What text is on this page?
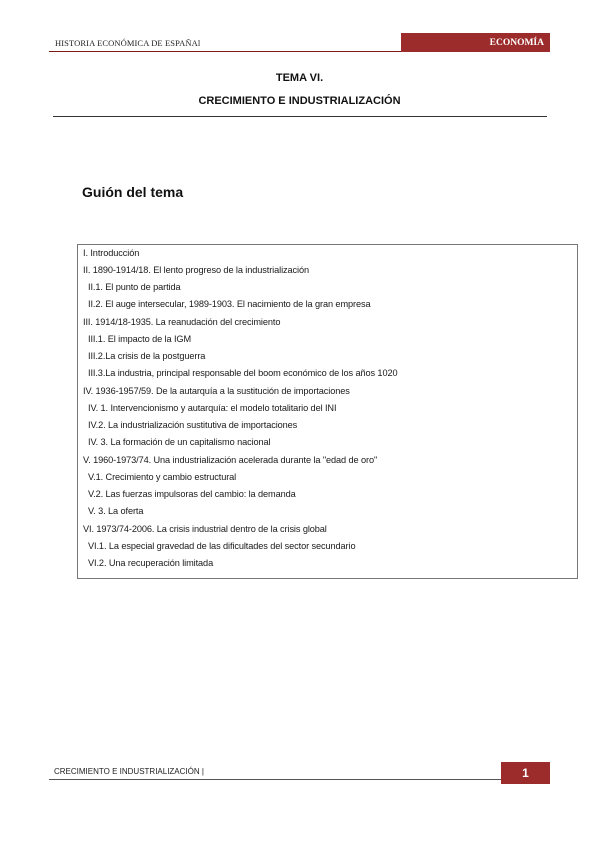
HISTORIA ECONÓMICA DE ESPAÑAl	ECONOMÍA
TEMA VI.
CRECIMIENTO E INDUSTRIALIZACIÓN
Guión del tema
I. Introducción
II. 1890-1914/18. El lento progreso de la industrialización
II.1. El punto de partida
II.2. El auge intersecular, 1989-1903. El nacimiento de la gran empresa
III. 1914/18-1935. La reanudación del crecimiento
III.1. El impacto de la IGM
III.2.La crisis de la postguerra
III.3.La industria, principal responsable del boom económico de los años 1020
IV. 1936-1957/59. De la autarquía a la sustitución de importaciones
IV. 1. Intervencionismo y autarquía: el modelo totalitario del INI
IV.2. La industrialización sustitutiva de importaciones
IV. 3. La formación de un capitalismo nacional
V. 1960-1973/74. Una industrialización acelerada durante la "edad de oro"
V.1. Crecimiento y cambio estructural
V.2. Las fuerzas impulsoras del cambio: la demanda
V. 3. La oferta
VI. 1973/74-2006. La crisis industrial dentro de la crisis global
VI.1. La especial gravedad de las dificultades del sector secundario
VI.2. Una recuperación limitada
CRECIMIENTO E INDUSTRIALIZACIÓN |	1
